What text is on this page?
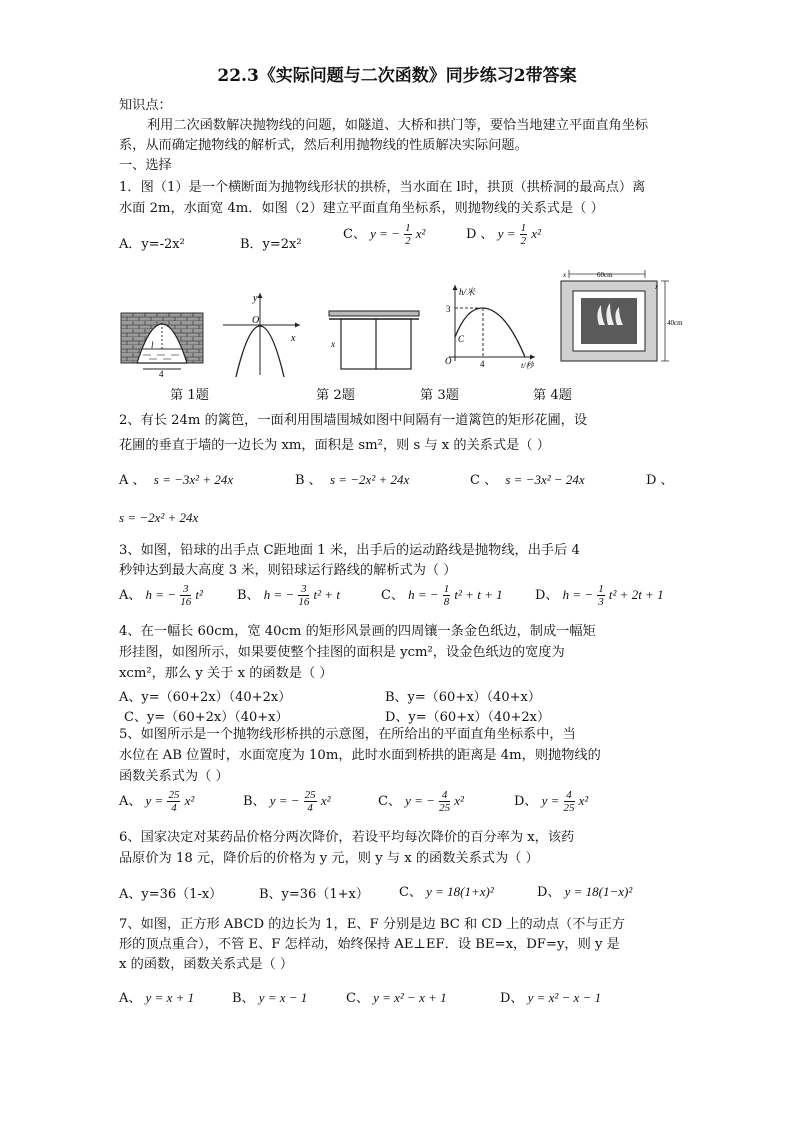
22.3《实际问题与二次函数》同步练习2带答案
知识点：
利用二次函数解决抛物线的问题，如隧道、大桥和拱门等，要恰当地建立平面直角坐标
系，从而确定抛物线的解析式，然后利用抛物线的性质解决实际问题。
一、选择
1．图（1）是一个横断面为抛物线形状的拱桥，当水面在 l时，拱顶（拱桥洞的最高点）离
水面 2m，水面宽 4m．如图（2）建立平面直角坐标系，则抛物线的关系式是（ ）
A．y=-2x²	B．y=2x²
C、 y = − $\frac{1}{2} x^2$	D 、 $y = \frac{1}{2} x^2$
l
4
y
O
x	x
h/米
3
C
O	4	t/秒
60cm
40cm
x
x
第 1题	第 2题	第 3题	第 4题
2、有长 24m 的篱笆，一面利用围墙围城如图中间隔有一道篱笆的矩形花圃，设
花圃的垂直于墙的一边长为 xm，面积是 sm²，则 s 与 x 的关系式是（ ）
A 、 s = −3x² + 24x	B 、 s = −2x² + 24x	C 、 s = −3x² − 24x	D 、
s = −2x² + 24x
3、如图，铅球的出手点 C距地面 1 米，出手后的运动路线是抛物线，出手后 4
秒钟达到最大高度 3 米，则铅球运行路线的解析式为（ ）
A、 h = − $\frac{3}{16} t^2$	B、 h = − $\frac{3}{16} t^2 + t$	C、 h = − $\frac{1}{8} t^2 + t + 1$ D、 h = − $\frac{1}{3} t^2 + 2t + 1$
4、在一幅长 60cm，宽 40cm 的矩形风景画的四周镶一条金色纸边，制成一幅矩
形挂图，如图所示，如果要使整个挂图的面积是 ycm²，设金色纸边的宽度为
xcm²，那么 y 关于 x 的函数是（ ）
A、y=（60+2x）（40+2x）	B、y=（60+x）（40+x）
C、y=（60+2x）（40+x）	D、y=（60+x）（40+2x）
5、如图所示是一个抛物线形桥拱的示意图，在所给出的平面直角坐标系中，当
水位在 AB 位置时，水面宽度为 10m，此时水面到桥拱的距离是 4m，则抛物线的
函数关系式为（ ）
A、 $y = \frac{25}{4} x^2$	B、 y = − $\frac{25}{4} x^2$	C、 y = − $\frac{4}{25} x^2$	D、 $y = \frac{4}{25} x^2$
6、国家决定对某药品价格分两次降价，若设平均每次降价的百分率为 x，该药
品原价为 18 元，降价后的价格为 y 元，则 y 与 x 的函数关系式为（ ）
A、y=36（1-x）	B、y=36（1+x） C、 y = 18(1+x)²	D、 y = 18(1−x)²
7、如图，正方形 ABCD 的边长为 1，E、F 分别是边 BC 和 CD 上的动点（不与正方
形的顶点重合），不管 E、F 怎样动，始终保持 AE⊥EF．设 BE=x，DF=y，则 y 是
x 的函数，函数关系式是（ ）
A、 y = x + 1	B、 y = x − 1	C、 y = x² − x + 1	D、 y = x² − x − 1
